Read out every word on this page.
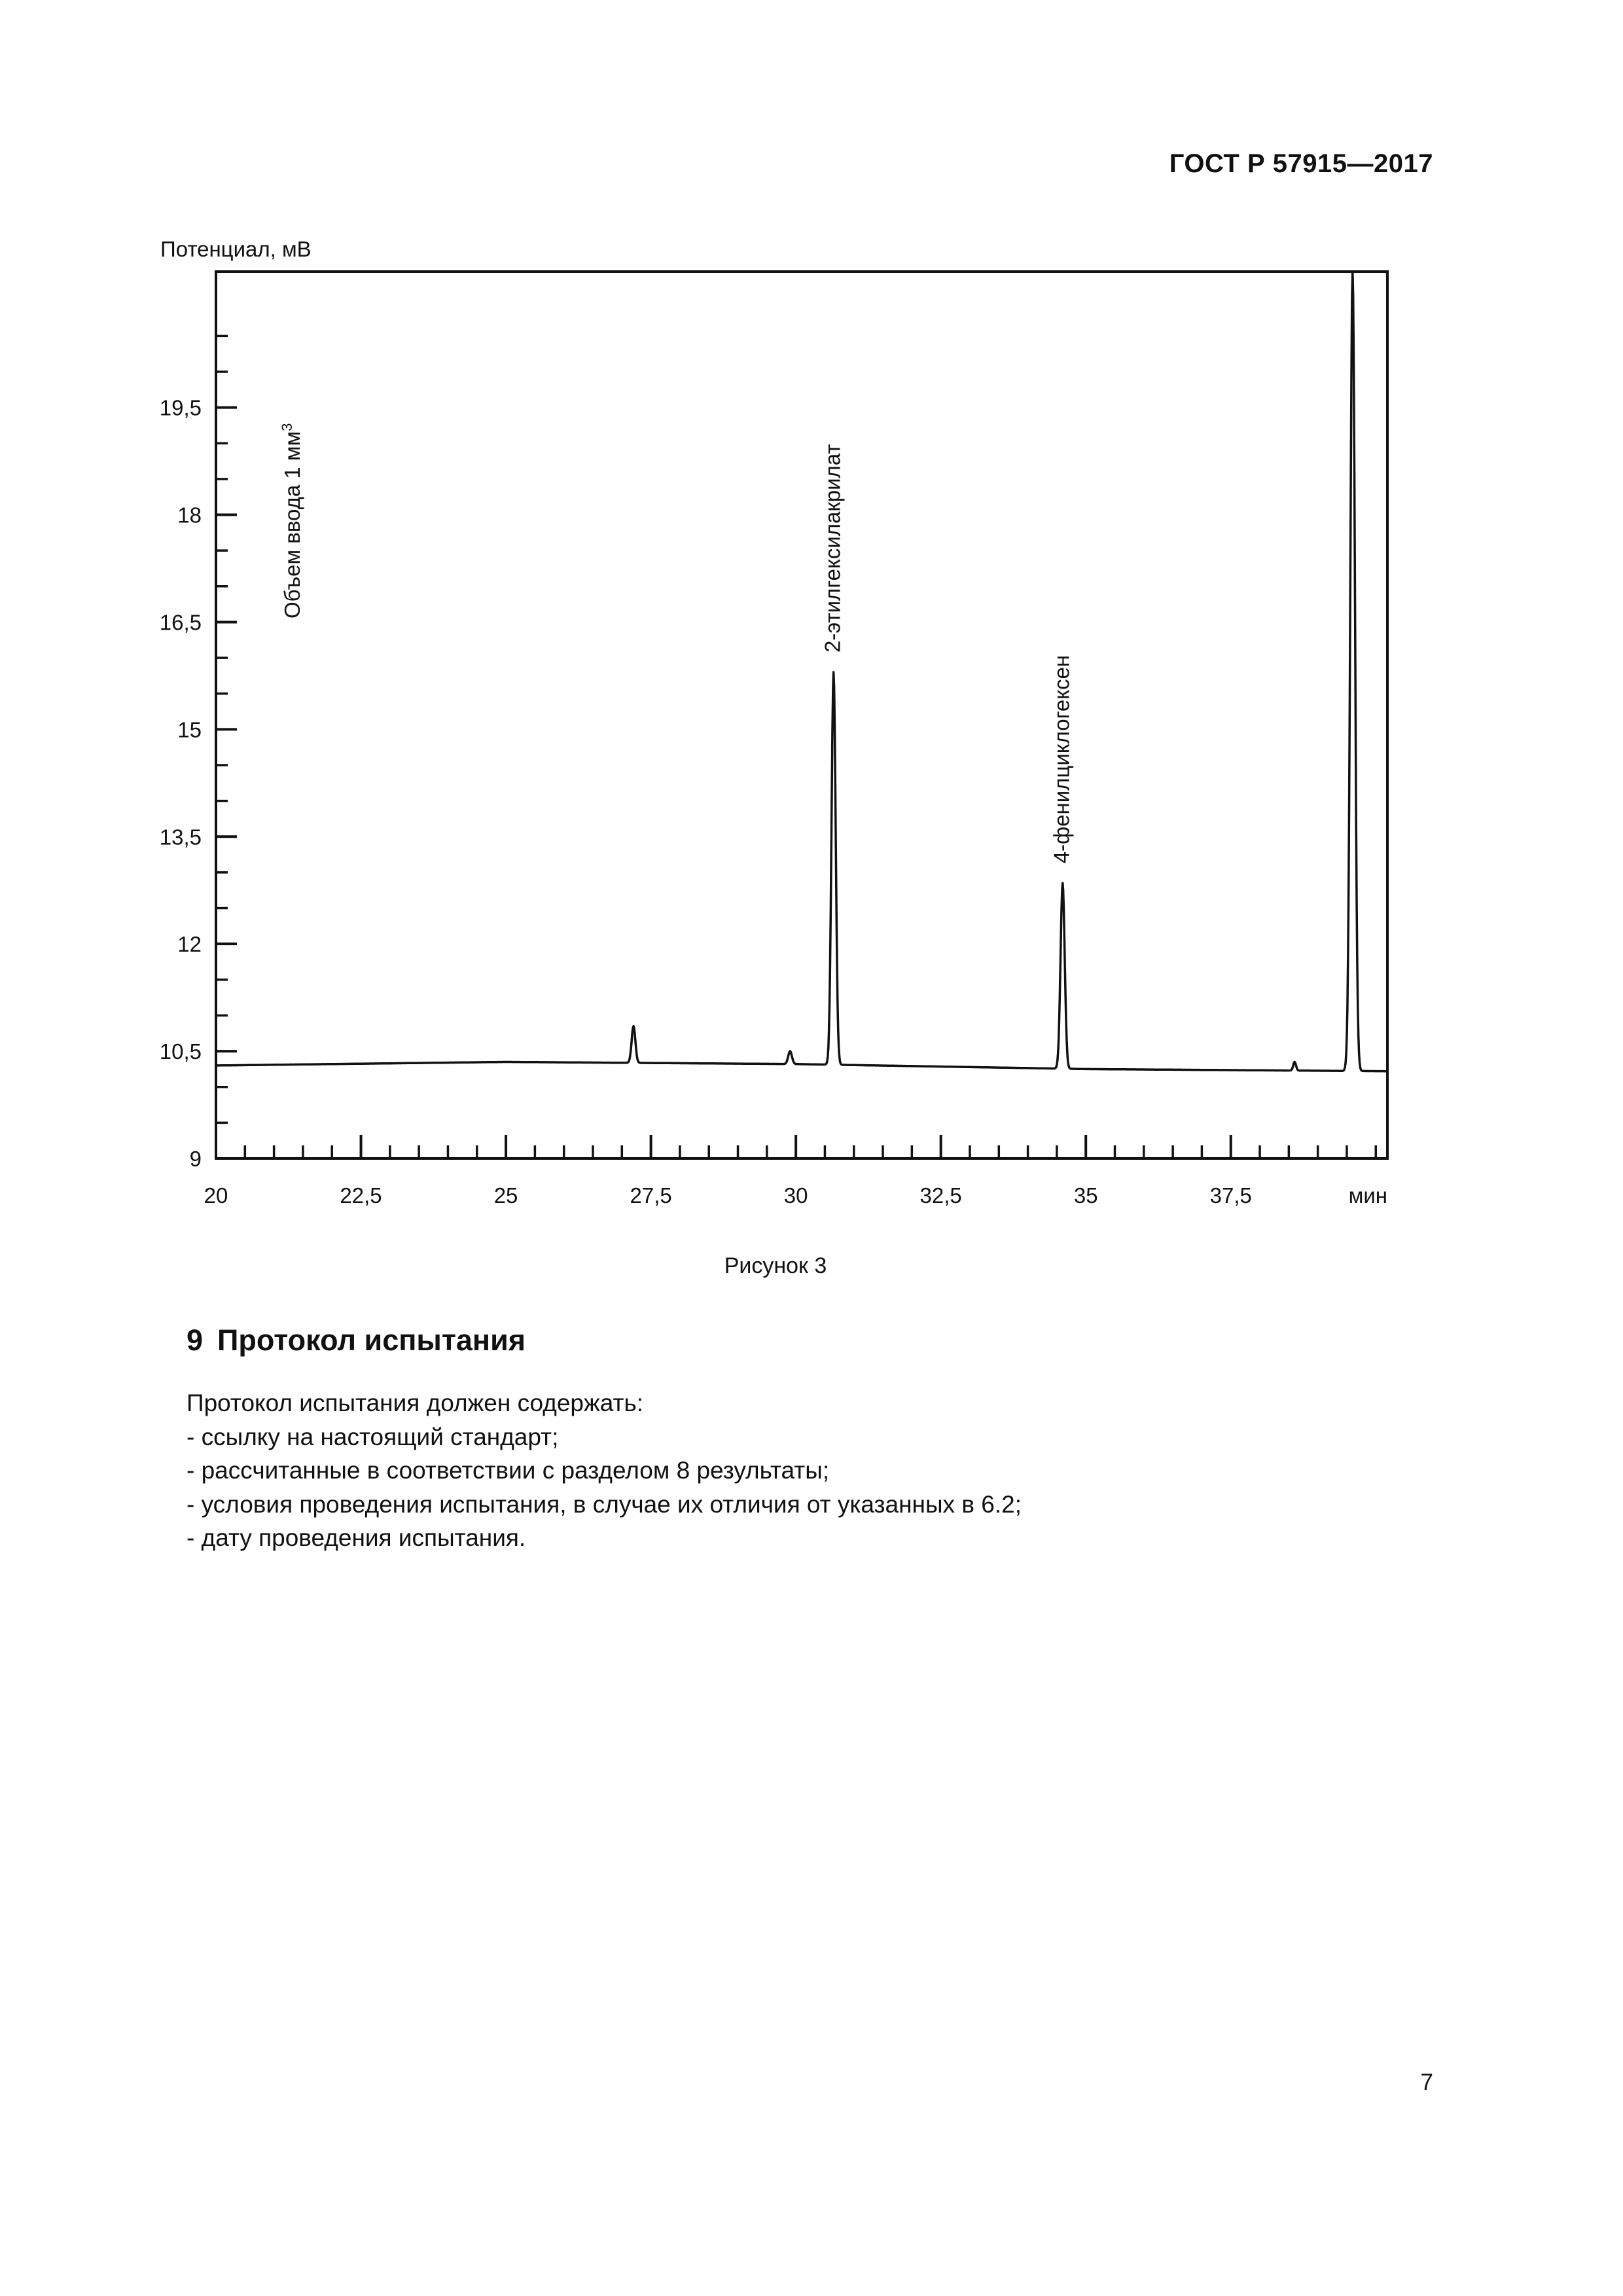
ГОСТ Р 57915—2017
9
10,5
12
13,5
15
16,5
18
19,5
20	22,5	25	27,5	30	32,5	35	37,5
Потенциал, мВ
мин
2-этилгексилакрилат
4-фенилциклогексен
Объем ввода 1 $мм^3$
Рисунок 3
9 Протокол испытания
Протокол испытания должен содержать:
- ссылку на настоящий стандарт;
- рассчитанные в соответствии с разделом 8 результаты;
- условия проведения испытания, в случае их отличия от указанных в 6.2;
- дату проведения испытания.
7
